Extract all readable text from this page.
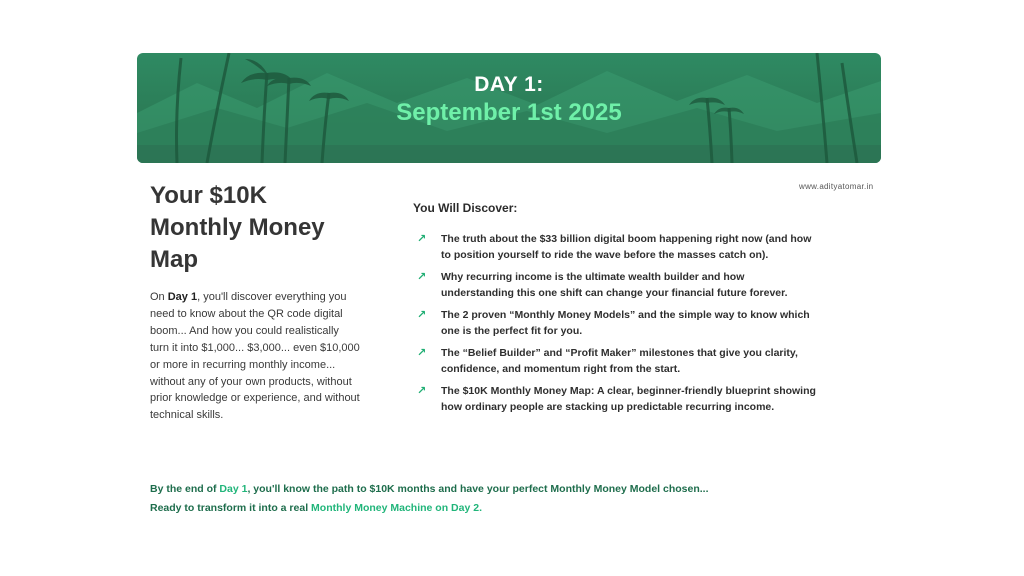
DAY 1:
September 1st 2025
www.adityatomar.in
Your $10K
Monthly Money
Map
On Day 1, you'll discover everything you need to know about the QR code digital boom... And how you could realistically turn it into $1,000... $3,000... even $10,000 or more in recurring monthly income... without any of your own products, without prior knowledge or experience, and without technical skills.
You Will Discover:
↗ The truth about the $33 billion digital boom happening right now (and how to position yourself to ride the wave before the masses catch on).
↗ Why recurring income is the ultimate wealth builder and how understanding this one shift can change your financial future forever.
↗ The 2 proven “Monthly Money Models” and the simple way to know which one is the perfect fit for you.
↗ The “Belief Builder” and “Profit Maker” milestones that give you clarity, confidence, and momentum right from the start.
↗ The $10K Monthly Money Map: A clear, beginner-friendly blueprint showing how ordinary people are stacking up predictable recurring income.
By the end of Day 1, you'll know the path to $10K months and have your perfect Monthly Money Model chosen...
Ready to transform it into a real Monthly Money Machine on Day 2.
